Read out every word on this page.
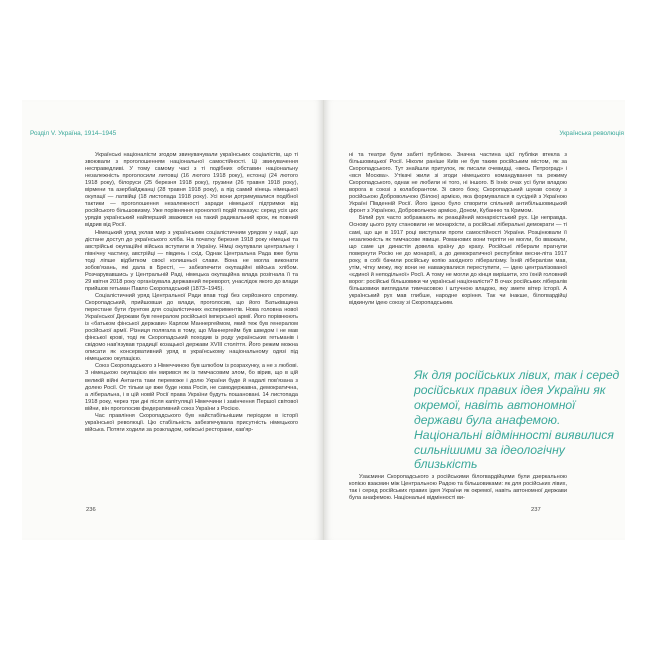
Розділ V. Україна, 1914–1945	Українська революція

Українські націоналісти згодом звинувачували українських соціалістів, що ті звоювали з проголошенням національної самостійності. Ці звинувачення несправедливі. У тому самому часі з ті подібних обставин національну незалежність проголосили литовці (16 лютого 1918 року), естонці (24 лютого 1918 року), білоруси (25 березня 1918 року), грузини (26 травня 1918 року), вірмени та азербайджанці (28 травня 1918 року), а під самий кінець німецької окупації — латвійці (18 листопада 1918 року). Усі вони дотримувалися подібної тактики — проголошення незалежності заради німецької підтримки від російського більшовизму. Уже порівняння хронології подій показує: серед усіх цих урядів український найперший зважився на такий радикальний крок, як повний відрив від Росії.

Німецький уряд уклав мир з українським соціалістичним урядом у надії, що дістане доступ до українського хліба. На початку березня 1918 року німецькі та австрійські окупаційні війська вступили в Україну. Німці окупували центральну і північну частину, австрійці — південь і схід. Однак Центральна Рада вже була тоді ліпше відбитком своєї колишньої слави. Вона не могла виконати зобов'язань, які дала в Бресті, — забезпечити окупаційні війська хлібом. Розчарувавшись у Центральній Раді, німецька окупаційна влада розігнала її та 29 квітня 2018 року організувала державний переворот, унаслідок якого до влади прийшов гетьман Павло Скоропадський (1873–1945).

Соціалістичний уряд Центральної Ради впав тоді без серйозного спротиву. Скоропадський, прийшовши до влади, проголосив, що його Батьківщина перестане бути ґрунтом для соціалістичних експериментів. Нова головна нової Української Держави був генералом російської імперської армії. Його порівнюють із «батьком фінської держави» Карлом Маннергеймом, який теж був генералом російської армії. Різниця полягала в тому, що Маннергейм був шведом і не мав фінської крові, тоді як Скоропадський походив із роду українських гетьманів і свідомо нав'язував традиції козацької держави XVIII століття. Його режим можна описати як консервативний уряд в українському національному одязі під німецькою окупацією.

Союз Скоропадського з Німеччиною був шлюбом із розрахунку, а не з любові. З німецькою окупацією він мирився як із тимчасовим злом, бо вірив, що в цій великій війні Антанта таки переможе і долю України буде й надалі пов'язана з долею Росії. От тільки це вже буде нова Росія, не самодержавна, демократична, а ліберальна, і в цій новій Росії права України будуть пошановані. 14 листопада 1918 року, через три дні після капітуляції Німеччини і закінчення Першої світової війни, він проголосив федеративний союз України з Росією.

Час правління Скоропадського був найстабільнішим періодом в історії української революції. Цю стабільність забезпечувала присутність німецького війська. Потяги ходили за розкладом, київські ресторани, кав'яр-

ні та театри були забиті публікою. Значна частина цієї публіки втекла з більшовицької Росії. Ніколи раніше Київ не був таким російським містом, як за Скоропадського. Тут знайшли притулок, як писали очевидці, «весь Петроград» і «вся Москва». Утікачі жили зі згоди німецького командування та режиму Скоропадського, однак не любили ні того, ні іншого. В їхніх очах усі були владою ворога в союзі з колаборантом. Зі свого боку, Скоропадський шукав союзу з російською Добровольчою (Білою) армією, яка формувалася в сусідній з Україною Україні Південній Росії. Його ідеєю було створити спільний антибільшовицький фронт з Україною, Добровольчою армією, Доном, Кубанню та Кримом.

Білий рух часто зображають як реакційний монархістський рух. Це неправда. Основу цього руху становили не монархісти, а російські ліберальні демократи — ті самі, що ще в 1917 році виступали проти самостійності України. Розцінювали її незалежність як тимчасове явище. Романових вони терпіти не могли, бо вважали, що саме ця династія довела країну до краху. Російські ліберали прагнули повернути Росію не до монархії, а до демократичної республіки весни-літа 1917 року, в собі бачили російську копію західного лібералізму. Їхній лібералізм мав, утім, чітку межу, яку вони не наважувалися переступити, — ідею централізованої «єдиної й неподільної» Росії. А тому не могли до кінця вирішити, хто їхній головний ворог: російські більшовики чи українські націоналісти? В очах російських лібералів більшовики виглядали тимчасовою і штучною владою, яку змете вітер історії. А український рух мав глибше, народне коріння. Так чи інакше, білогвардійці відкинули ідею союзу зі Скоропадським.

Як для російських лівих, так і серед російських правих ідея України як окремої, навіть автономної держави була анафемою. Національні відмінності виявилися сильнішими за ідеологічну близькість

Узаємини Скоропадського з російськими білогвардійцями були дзеркальною копією взаємин між Центральною Радою та більшовиками: як для російських лівих, так і серед російських правих ідея України як окремої, навіть автономної держави була анафемою. Національні відмінності ви-

236	237
